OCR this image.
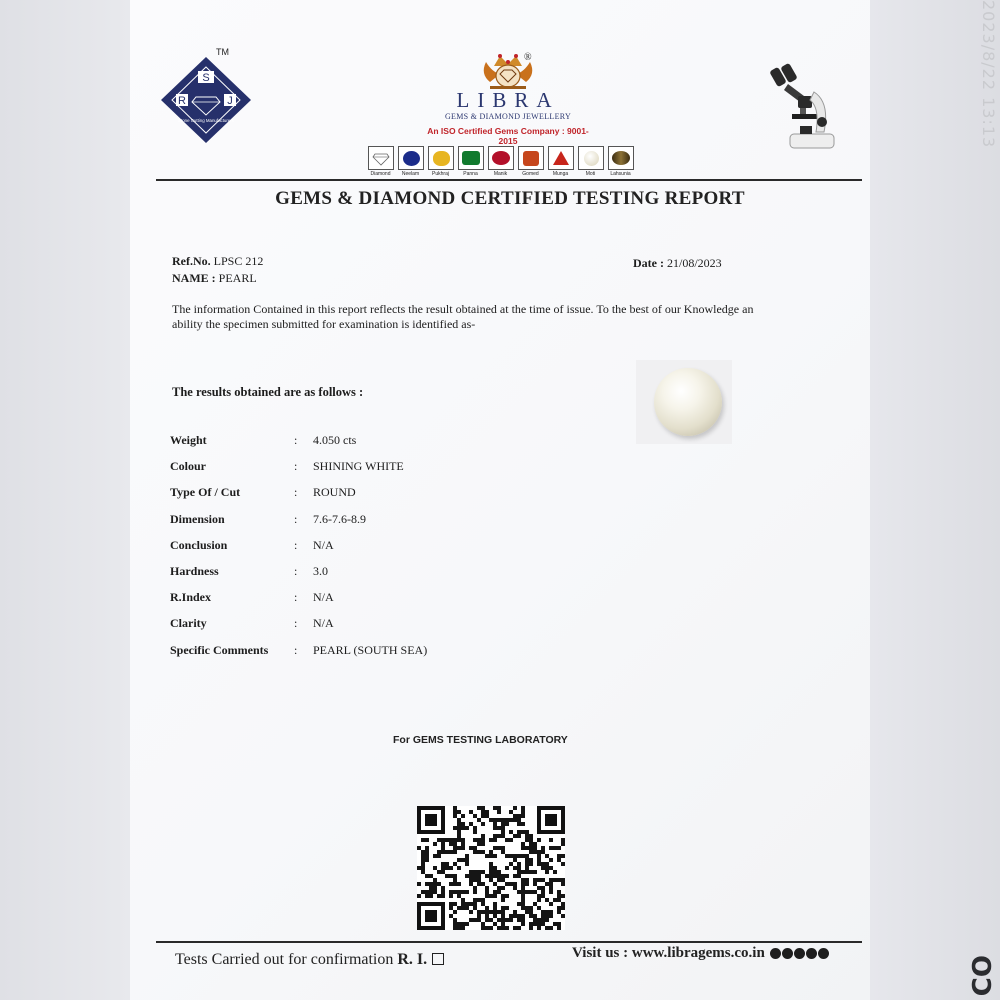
2023/8/22 13:13
S
R	J
Stone Cutting Manufacturers
TM
LIBRA
GEMS & DIAMOND JEWELLERY
An ISO Certified Gems Company : 9001-2015
®
Diamond	Neelam	Pukhraj	Panna	Manik	Gomed	Munga	Moti	Lahsunia
GEMS & DIAMOND CERTIFIED TESTING REPORT
Ref.No. LPSC 212
NAME : PEARL
Date : 21/08/2023
The information Contained in this report reflects the result obtained at the time of issue. To the best of our Knowledge an ability the specimen submitted for examination is identified as-
The results obtained are as follows :
Weight	: 4.050 cts
Colour	: SHINING WHITE
Type Of / Cut	: ROUND
Dimension	: 7.6-7.6-8.9
Conclusion	: N/A
Hardness	: 3.0
R.Index	: N/A
Clarity	: N/A
Specific Comments	: PEARL (SOUTH SEA)
For GEMS TESTING LABORATORY
Tests Carried out for confirmation R. I.	Visit us : www.libragems.co.in
CO
